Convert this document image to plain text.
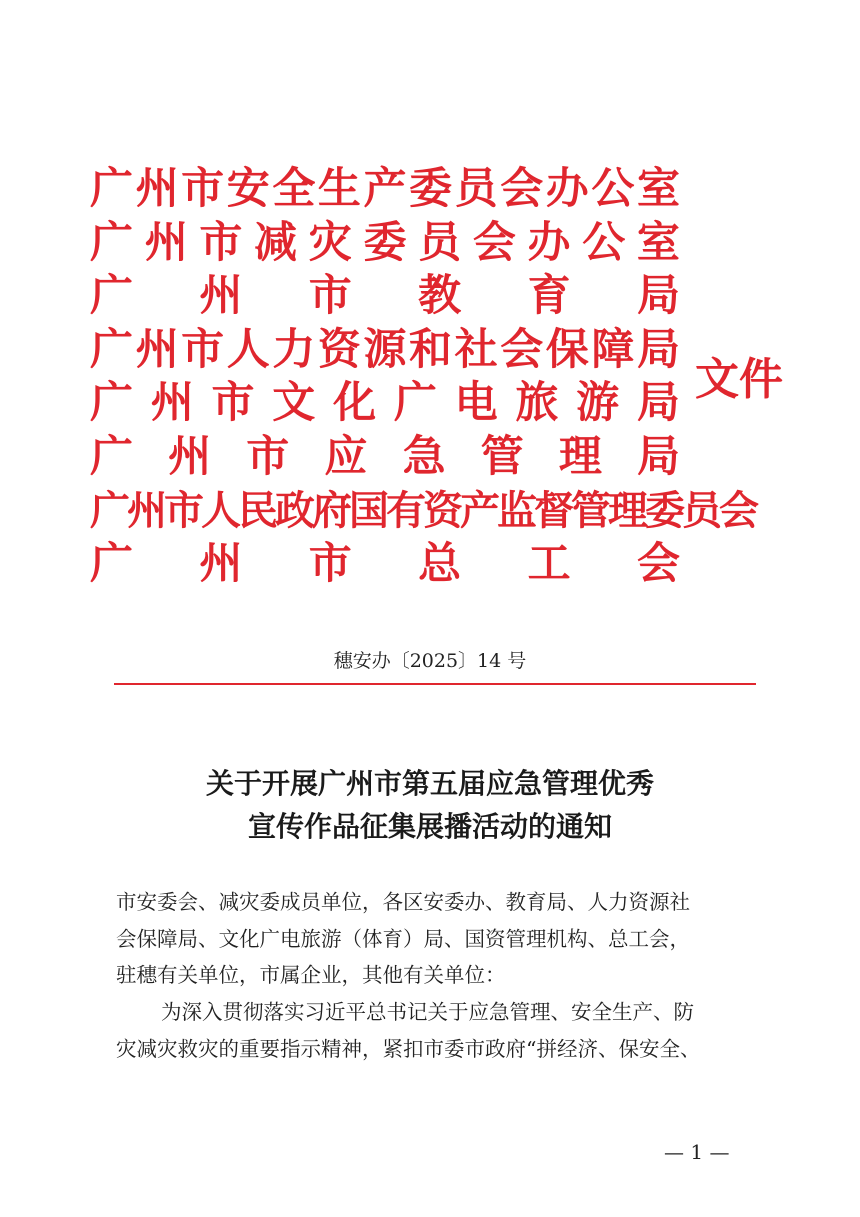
广 州 市 安 全 生 产 委 员 会 办 公 室
广 州 市 减 灾 委 员 会 办 公 室
广 州 市 教 育 局
广 州 市 人 力 资 源 和 社 会 保 障 局
广 州 市 文 化 广 电 旅 游 局
广 州 市 应 急 管 理 局
广州市人民政府国有资产监督管理委员会
广 州 市 总 工 会
文件
穗安办〔2025〕14 号
关于开展广州市第五届应急管理优秀
宣传作品征集展播活动的通知
市安委会、减灾委成员单位，各区安委办、教育局、人力资源社
会保障局、文化广电旅游（体育）局、国资管理机构、总工会，
驻穗有关单位，市属企业，其他有关单位：
为深入贯彻落实习近平总书记关于应急管理、安全生产、防
灾减灾救灾的重要指示精神，紧扣市委市政府“拼经济、保安全、
— 1 —
